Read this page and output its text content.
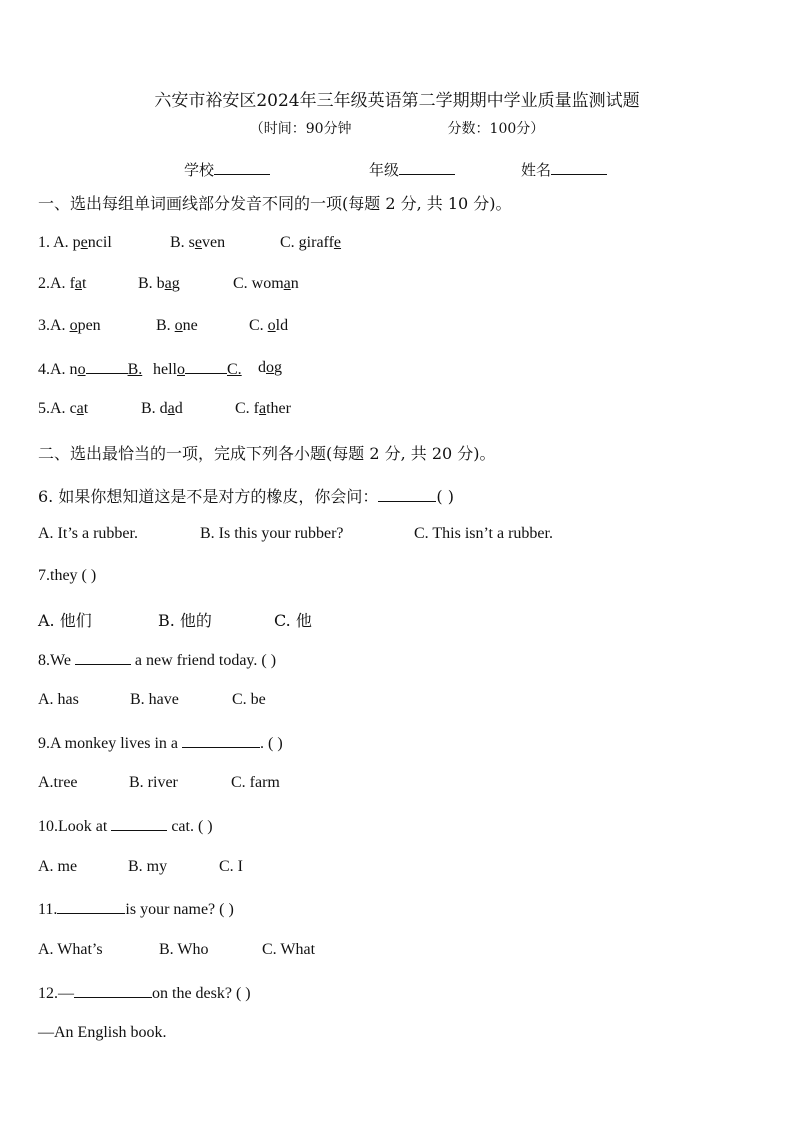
六安市裕安区2024年三年级英语第二学期期中学业质量监测试题
（时间：90分钟	分数：100分）
学校	年级	姓名
一、选出每组单词画线部分发音不同的一项(每题 2 分, 共 10 分)。
1. A. pencil	B. seven	C. giraffe
2.A. fat	B. bag	C. woman
3.A. open	B. one	C. old
4.A. no	B. hello	C. dog
5.A. cat	B. dad	C. father
二、选出最恰当的一项，完成下列各小题(每题 2 分, 共 20 分)。
6. 如果你想知道这是不是对方的橡皮，你会问：	( )
A. It’s a rubber.	B. Is this your rubber?	C. This isn’t a rubber.
7.they ( )
A. 他们	B. 他的	C. 他
8.We	a new friend today. ( )
A. has	B. have	C. be
9.A monkey lives in a	. ( )
A.tree	B. river	C. farm
10.Look at	cat. ( )
A. me	B. my	C. I
11.	is your name? ( )
A. What’s	B. Who	C. What
12.—	on the desk? ( )
—An English book.
